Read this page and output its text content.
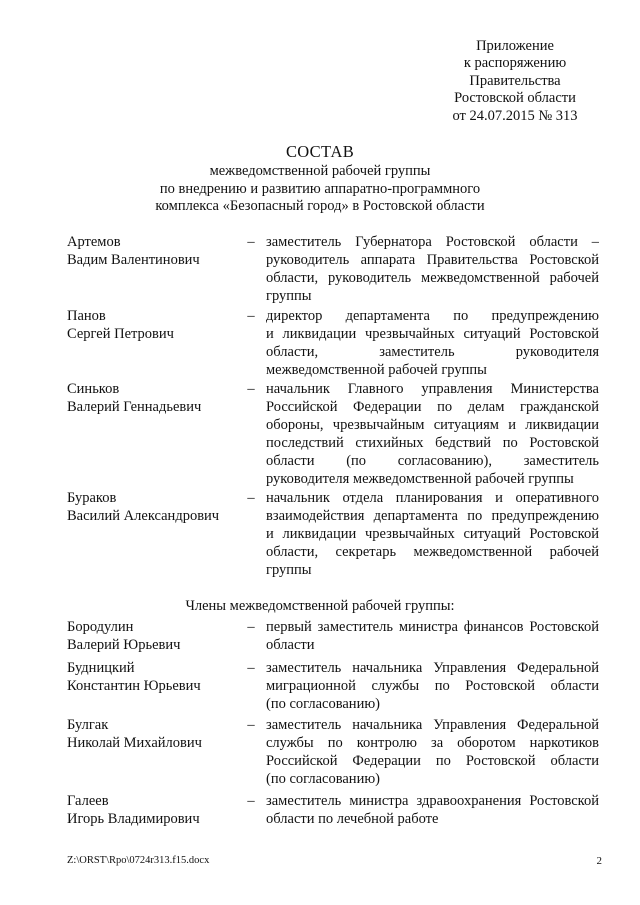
Приложение
к распоряжению
Правительства
Ростовской области
от 24.07.2015 № 313
СОСТАВ
межведомственной рабочей группы
по внедрению и развитию аппаратно-программного
комплекса «Безопасный город» в Ростовской области
Артемов
Вадим Валентинович
– заместитель Губернатора Ростовской области –
руководитель аппарата Правительства Ростовской
области, руководитель межведомственной рабочей
группы
Панов
Сергей Петрович
– директор департамента по предупреждению
и ликвидации чрезвычайных ситуаций Ростовской
области, заместитель руководителя
межведомственной рабочей группы
Синьков
Валерий Геннадьевич
– начальник Главного управления Министерства
Российской Федерации по делам гражданской
обороны, чрезвычайным ситуациям и ликвидации
последствий стихийных бедствий по Ростовской
области (по согласованию), заместитель
руководителя межведомственной рабочей группы
Бураков
Василий Александрович
– начальник отдела планирования и оперативного
взаимодействия департамента по предупреждению
и ликвидации чрезвычайных ситуаций Ростовской
области, секретарь межведомственной рабочей
группы
Бородулин
Валерий Юрьевич
– первый заместитель министра финансов Ростовской
области
Будницкий
Константин Юрьевич
– заместитель начальника Управления Федеральной
миграционной службы по Ростовской области
(по согласованию)
Булгак
Николай Михайлович
– заместитель начальника Управления Федеральной
службы по контролю за оборотом наркотиков
Российской Федерации по Ростовской области
(по согласованию)
Галеев
Игорь Владимирович
– заместитель министра здравоохранения Ростовской
области по лечебной работе
Члены межведомственной рабочей группы:
Z:\ORST\Rpo\0724r313.f15.docx	2
